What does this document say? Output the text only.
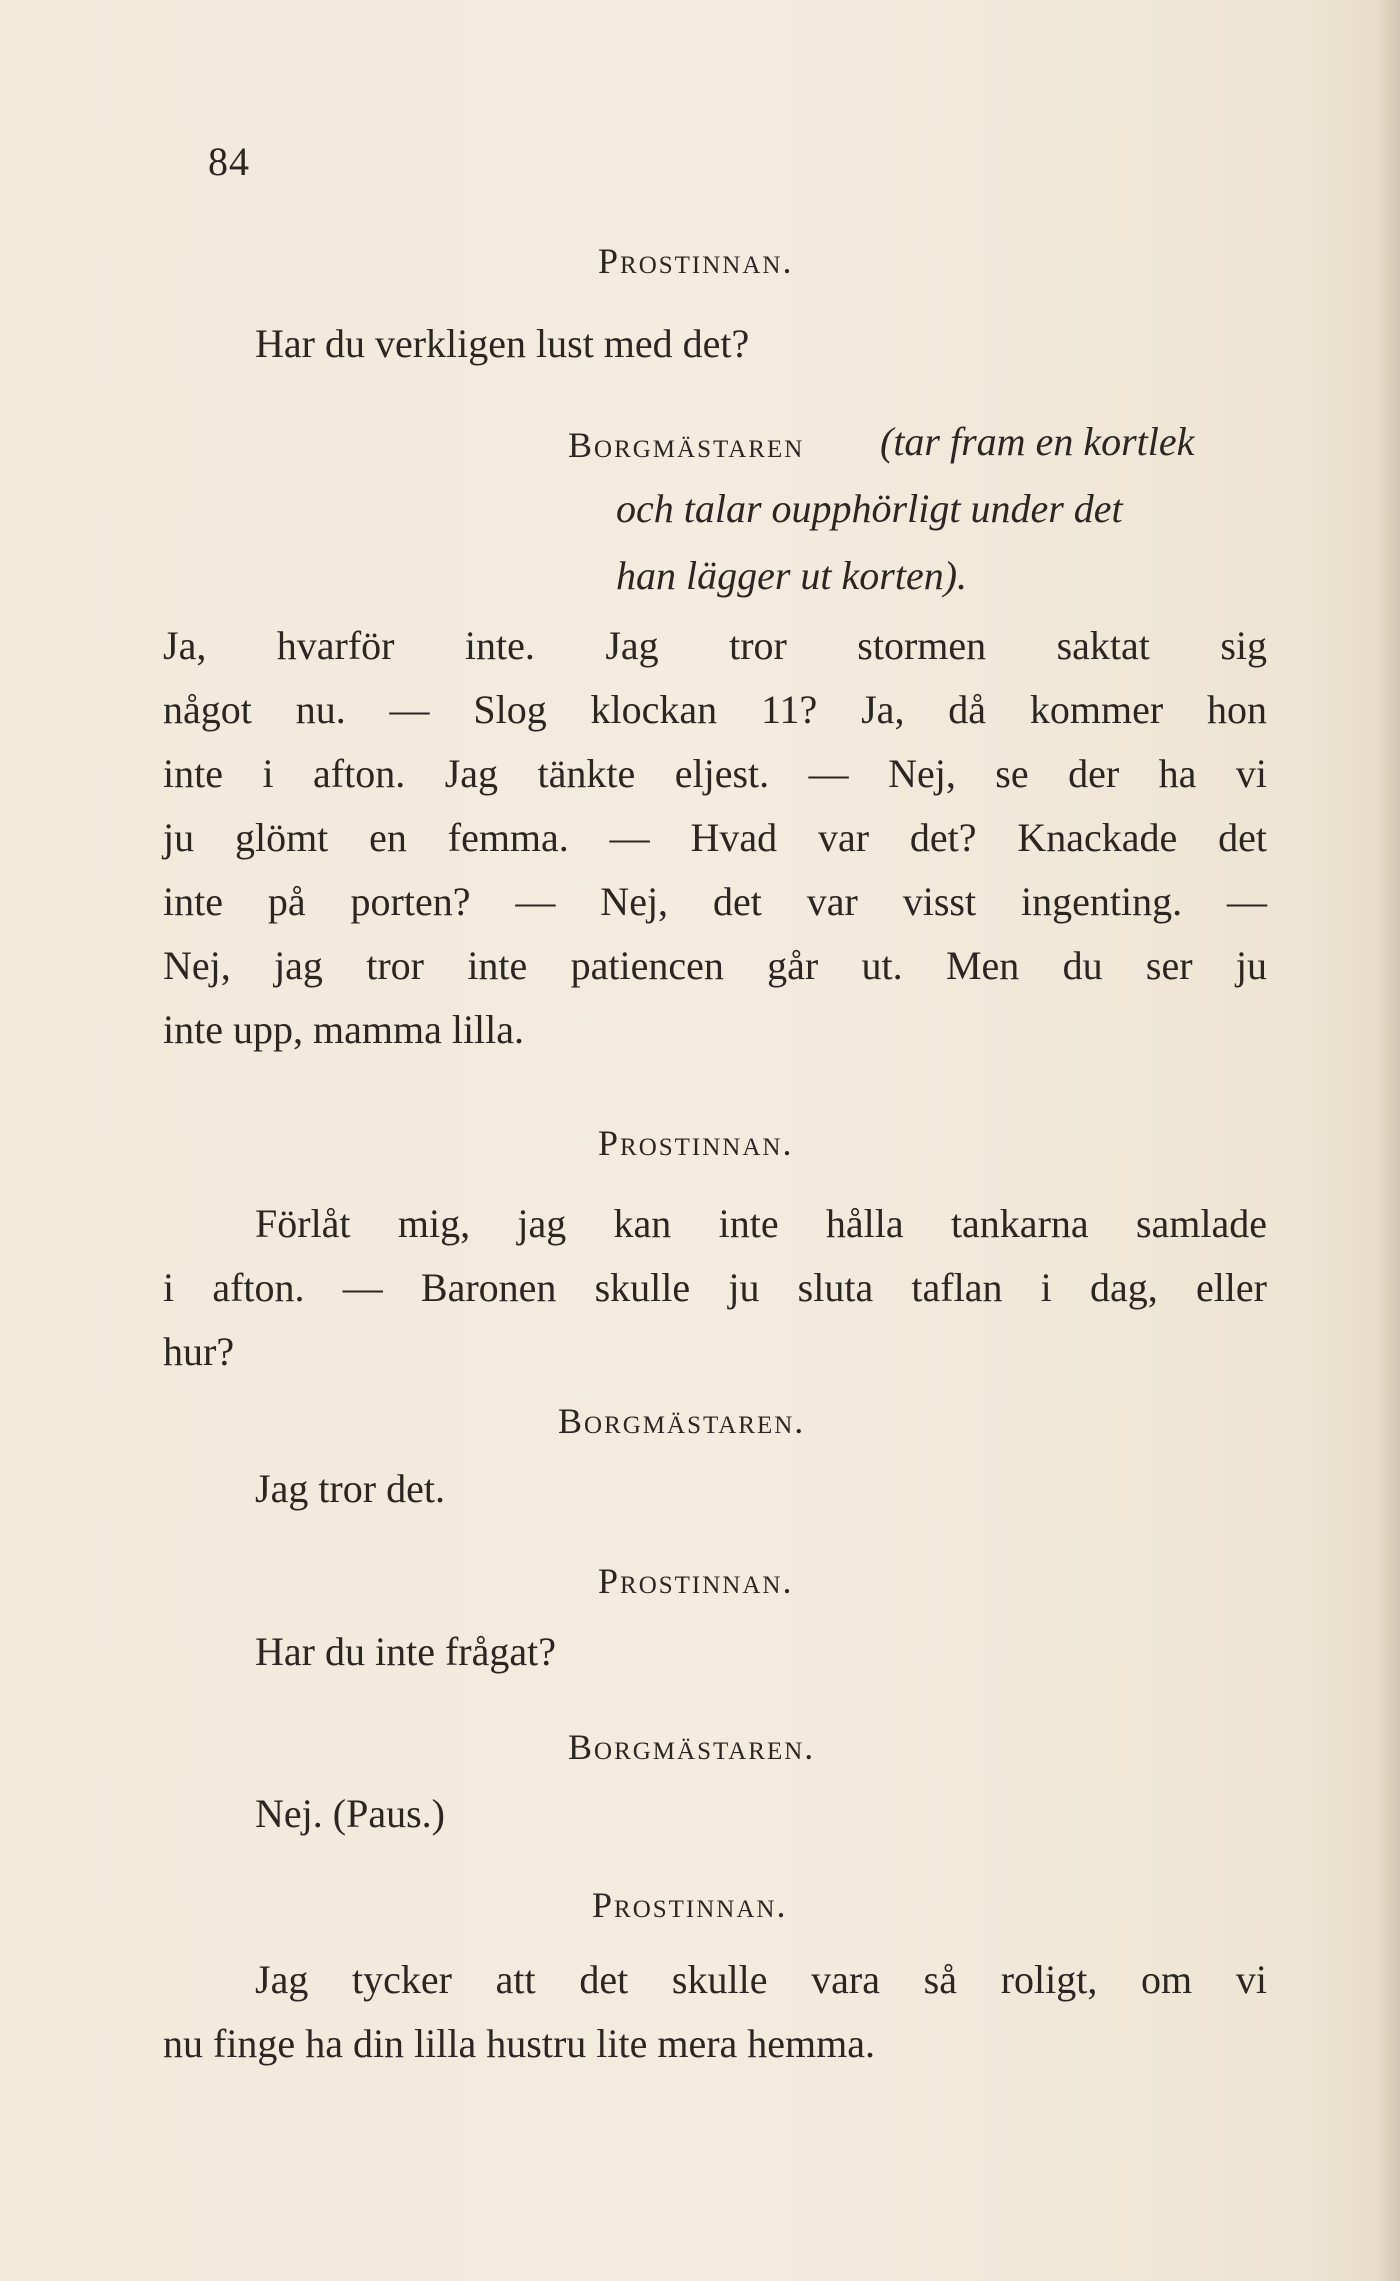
84
Prostinnan.
Har du verkligen lust med det?
Borgmästaren (tar fram en kortlek
och talar oupphörligt under det
han lägger ut korten).
Ja, hvarför inte. Jag tror stormen saktat sig
något nu. — Slog klockan 11? Ja, då kommer hon
inte i afton. Jag tänkte eljest. — Nej, se der ha vi
ju glömt en femma. — Hvad var det? Knackade det
inte på porten? — Nej, det var visst ingenting. —
Nej, jag tror inte patiencen går ut. Men du ser ju
inte upp, mamma lilla.
Prostinnan.
Förlåt mig, jag kan inte hålla tankarna samlade
i afton. — Baronen skulle ju sluta taflan i dag, eller
hur?
Borgmästaren.
Jag tror det.
Prostinnan.
Har du inte frågat?
Borgmästaren.
Nej. (Paus.)
Prostinnan.
Jag tycker att det skulle vara så roligt, om vi
nu finge ha din lilla hustru lite mera hemma.
